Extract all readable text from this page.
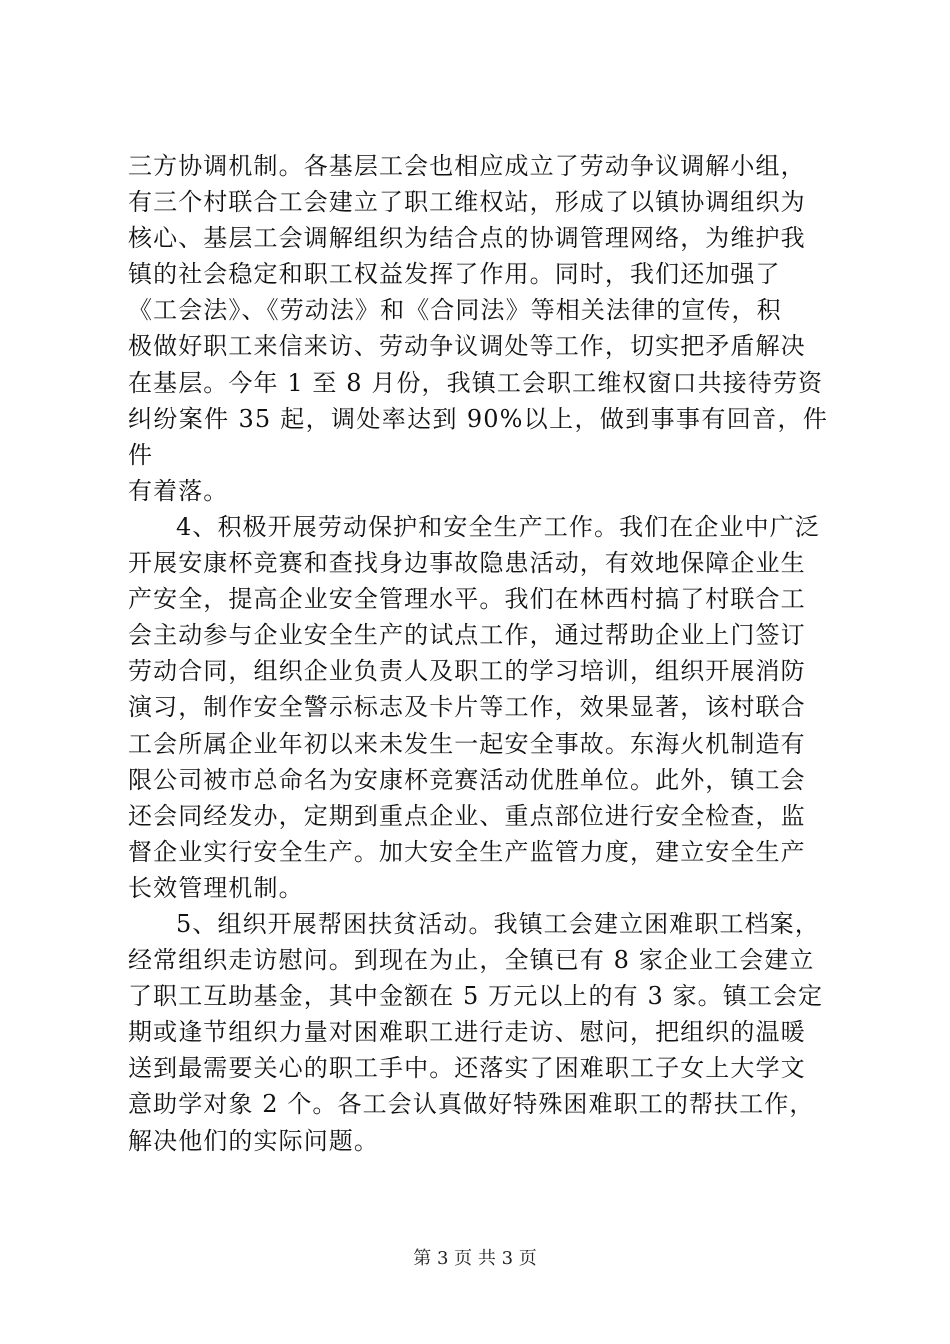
三方协调机制。各基层工会也相应成立了劳动争议调解小组，
有三个村联合工会建立了职工维权站，形成了以镇协调组织为
核心、基层工会调解组织为结合点的协调管理网络，为维护我
镇的社会稳定和职工权益发挥了作用。同时，我们还加强了
《工会法》、《劳动法》和《合同法》等相关法律的宣传，积
极做好职工来信来访、劳动争议调处等工作，切实把矛盾解决
在基层。今年 1 至 8 月份，我镇工会职工维权窗口共接待劳资
纠纷案件 35 起，调处率达到 90%以上，做到事事有回音，件件
有着落。

4、积极开展劳动保护和安全生产工作。我们在企业中广泛
开展安康杯竞赛和查找身边事故隐患活动，有效地保障企业生
产安全，提高企业安全管理水平。我们在林西村搞了村联合工
会主动参与企业安全生产的试点工作，通过帮助企业上门签订
劳动合同，组织企业负责人及职工的学习培训，组织开展消防
演习，制作安全警示标志及卡片等工作，效果显著，该村联合
工会所属企业年初以来未发生一起安全事故。东海火机制造有
限公司被市总命名为安康杯竞赛活动优胜单位。此外，镇工会
还会同经发办，定期到重点企业、重点部位进行安全检查，监
督企业实行安全生产。加大安全生产监管力度，建立安全生产
长效管理机制。

5、组织开展帮困扶贫活动。我镇工会建立困难职工档案，
经常组织走访慰问。到现在为止，全镇已有 8 家企业工会建立
了职工互助基金，其中金额在 5 万元以上的有 3 家。镇工会定
期或逢节组织力量对困难职工进行走访、慰问，把组织的温暖
送到最需要关心的职工手中。还落实了困难职工子女上大学文
意助学对象 2 个。各工会认真做好特殊困难职工的帮扶工作，
解决他们的实际问题。

第 3 页 共 3 页
